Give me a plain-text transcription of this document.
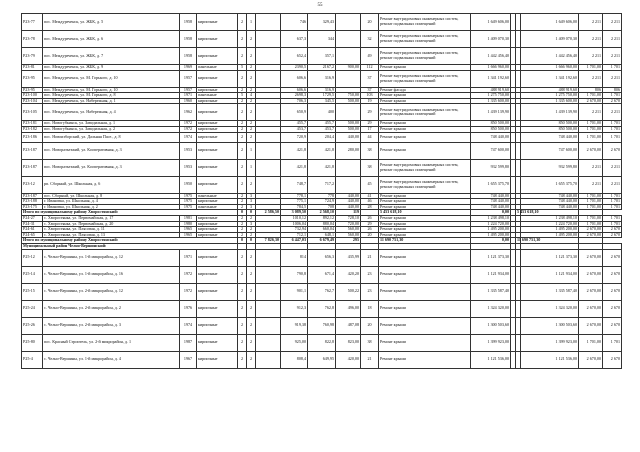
55
Р23-77	пос. Междуреченск, ул. ЖБК, д. 5	1958	кирпичные	2	1		746	329,43		20	Ремонт внутридомовых инженерных систем, ремонт подвальных помещений	1 649 606,00			1 649 606,00	2 211	2 211
Р23-78	пос. Междуреченск, ул. ЖБК, д. 6	1958	кирпичные	2	2		637,3	344		32	Ремонт внутридомовых инженерных систем, ремонт подвальных помещений	1 409 070,30			1 409 070,30	2 211	2 211
Р23-79	пос. Междуреченск, ул. ЖБК, д. 7	1958	кирпичные	2	2		652,4	357,1		49	Ремонт внутридомовых инженерных систем, ремонт подвальных помещений	1 442 456,40			1 442 456,40	2 211	2 211
Р23-81	пос. Междуреченск, ул. ЖБК, д. 9	1969	панельные	5	2		2390,5	2167,2	900,00	112	Ремонт крыши	1 666 960,00			1 666 960,00	1 701,00	1 701
Р23-95	пос. Междуреченск, ул. М. Горького, д. 10	1957	кирпичные	2	2		606,6	316,9		37	Ремонт внутридомовых инженерных систем, ремонт подвальных помещений	1 341 192,60			1 341 192,60	2 211	2 211
Р23-95	пос. Междуреченск, ул. М. Горького, д. 10	1957	кирпичные	2	2		606,6	316,9		37	Ремонт фасада	488 919,60			488 919,60	806	806
Р23-100	пос. Междуреченск, ул. М. Горького, д. 8	1971	панельные	5	4		2698,3	1729,5	750,00	103	Ремонт крыши	1 275 750,00			1 275 750,00	1 701,00	1 701
Р23-104	пос. Междуреченск, ул. Набережная, д. 1	1960	кирпичные	2	2		706,3	345,5	500,00	19	Ремонт крыши	1 335 600,00			1 335 600,00	2 670,00	2 670
Р23-105	пос. Междуреченск, ул. Набережная, д. 4	1962	кирпичные	2	2		650,9	400		29	Ремонт внутридомовых инженерных систем, ремонт подвальных помещений	1 439 139,90			1 439 139,90	2 211	2 211
Р23-181	пос. Новогубкинск, ул. Заводильная, д. 1	1972	кирпичные	2	2		455,7	455,7	500,00	29	Ремонт крыши	850 500,00			850 500,00	1 701,00	1 701
Р23-182	пос. Новогубкинск, ул. Заводильная, д. 2	1972	кирпичные	2	2		453,7	453,7	500,00	17	Ремонт крыши	850 500,00			850 500,00	1 701,00	1 701
Р23-186	пос. Новоизборский, ул. Дальняя Пасе., д. 8	1974	кирпичные	2	2		720,9	204,4	440,00	44	Ремонт крыши	748 440,00			748 440,00	1 701,00	1 701
Р23-187	пос. Новоразъезжий, ул. Кооперативная, д. 3	1953	кирпичные	2	1		421,8	421,8	280,00	38	Ремонт крыши	747 600,00			747 600,00	2 670,00	2 670
Р23-187	пос. Новоразъезжий, ул. Кооперативная, д. 3	1953	кирпичные	2	1		421,8	421,8		38	Ремонт внутридомовых инженерных систем, ремонт подвальных помещений	932 599,80			932 599,80	2 211	2 211
Р23-12	рп. Сборный, ул. Школьная, д. 6	1950	кирпичные	2	2		748,7	717,2		45	Ремонт внутридомовых инженерных систем, ремонт подвальных помещений	1 655 375,70			1 655 375,70	2 211	2 211
Р23-187	пос. Сборный, ул. Школьная, д. 8	1975	панельные	2	3		778,1	778	440,00	41	Ремонт крыши	748 440,00			748 440,00	1 701,00	1 701
Р23-188	г. Ивановка, ул. Школьная, д. 4	1975	кирпичные	2	3		775,1	724,9	440,00	46	Ремонт крыши	748 440,00			748 440,00	1 701,00	1 701
Р23-175	г. Ивановка, ул. Школьная, д. 2	1975	панельные	2	3		784,5	708	440,00	28	Ремонт крыши	748 440,00			748 440,00	1 701,00	1 701
Итого по муниципальному району Хворостянский:				0	0	2 586,50	3 089,50	2 568,10	119		5 453 618,10	0,00		5 453 618,10			
Р24-27	с. Хворостянка, ул. Первомайская, д. 17	1981	кирпичные	2	2		1010,12	892,12	728,10	26	Ремонт крыши	1 238 498,10			1 238 498,10	1 701,00	1 701
Р24-31	с. Хворостянка, ул. Первомайская, д. 20	1980	кирпичные	2	3		1006,04	880,04	720,00	29	Ремонт крыши	1 224 720,00			1 224 720,00	1 701,00	1 701
Р24-61	с. Хворостянка, ул. Плясовая, д. 11	1965	кирпичные	2	2		732,94	660,04	560,00	26	Ремонт крыши	1 495 200,00			1 495 200,00	2 670,00	2 670
Р24-65	с. Хворостянка, ул. Плясовая, д. 13	1965	кирпичные	2	2		712,1	648,1	560,00	20	Ремонт крыши	1 495 200,00			1 495 200,00	2 670,00	2 670
Итого по муниципальному району Хворостянский:				0	0	7 826,30	6 447,03	6 679,49	295		11 690 751,30	0,00		11 690 751,30			
Муниципальный район Челно-Вершинский:																	
Р25-12	с. Челно-Вершины, ул. 1-й микрорайон, д. 12	1971	кирпичные	2	2		814	656,3	435,99	21	Ремонт крыши	1 121 373,30			1 121 373,30	2 670,00	2 670
Р25-14	с. Челно-Вершины, ул. 1-й микрорайон, д. 16	1972	кирпичные	2	2		790,8	671,4	420,20	23	Ремонт крыши	1 121 934,00			1 121 934,00	2 670,00	2 670
Р25-15	с. Челно-Вершины, ул. 2-й микрорайон, д. 12	1972	кирпичные	2	2		901,1	762,7	500,22	23	Ремонт крыши	1 335 587,40			1 335 587,40	2 670,00	2 670
Р25-24	с. Челно-Вершины, ул. 2-й микрорайон, д. 2	1976	кирпичные	2	2		912,3	762,8	496,00	18	Ремонт крыши	1 324 320,00			1 324 320,00	2 670,00	2 670
Р25-26	с. Челно-Вершины, ул. 2-й микрорайон, д. 3	1974	кирпичные	2	2		919,38	760,98	487,08	20	Ремонт крыши	1 300 503,60			1 300 503,60	2 670,00	2 670
Р25-80	пос. Красный Строитель, ул. 2-й микрорайон, д. 1	1987	кирпичные	2	2		925,00	822,8	823,00	38	Ремонт крыши	1 399 923,00			1 399 923,00	1 701,00	1 701
Р25-4	с. Челно-Вершины, ул. 1-й микрорайон, д. 4	1967	кирпичные	2	2		808,4	649,95	420,00	21	Ремонт крыши	1 121 536,00			1 121 536,00	2 670,00	2 670
